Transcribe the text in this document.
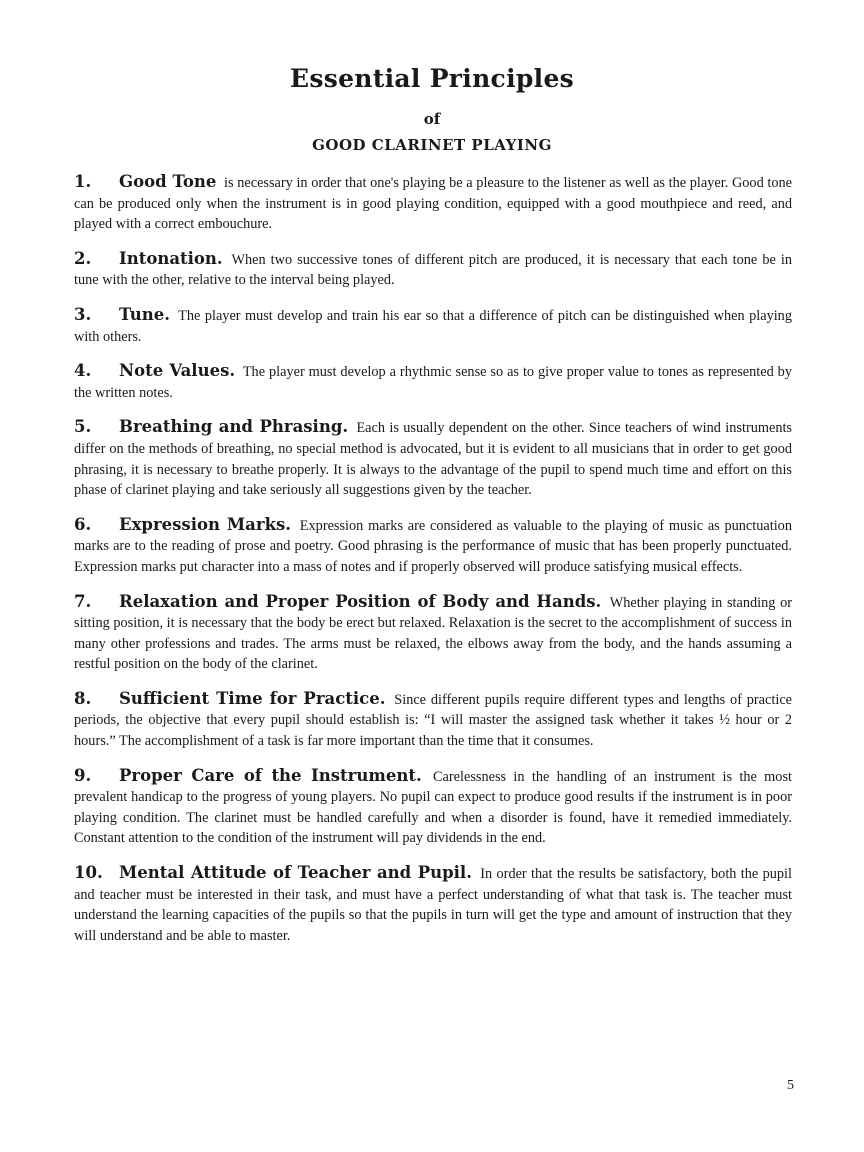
Essential Principles
of
GOOD CLARINET PLAYING

1. Good Tone is necessary in order that one's playing be a pleasure to the listener as well as the player. Good tone can be produced only when the instrument is in good playing condition, equipped with a good mouthpiece and reed, and played with a correct embouchure.

2. Intonation. When two successive tones of different pitch are produced, it is necessary that each tone be in tune with the other, relative to the interval being played.

3. Tune. The player must develop and train his ear so that a difference of pitch can be distinguished when playing with others.

4. Note Values. The player must develop a rhythmic sense so as to give proper value to tones as represented by the written notes.

5. Breathing and Phrasing. Each is usually dependent on the other. Since teachers of wind instruments differ on the methods of breathing, no special method is advocated, but it is evident to all musicians that in order to get good phrasing, it is necessary to breathe properly. It is always to the advantage of the pupil to spend much time and effort on this phase of clarinet playing and take seriously all suggestions given by the teacher.

6. Expression Marks. Expression marks are considered as valuable to the playing of music as punctuation marks are to the reading of prose and poetry. Good phrasing is the performance of music that has been properly punctuated. Expression marks put character into a mass of notes and if properly observed will produce satisfying musical effects.

7. Relaxation and Proper Position of Body and Hands. Whether playing in standing or sitting position, it is necessary that the body be erect but relaxed. Relaxation is the secret to the accomplishment of success in many other professions and trades. The arms must be relaxed, the elbows away from the body, and the hands assuming a restful position on the body of the clarinet.

8. Sufficient Time for Practice. Since different pupils require different types and lengths of practice periods, the objective that every pupil should establish is: “I will master the assigned task whether it takes ½ hour or 2 hours.” The accomplishment of a task is far more important than the time that it consumes.

9. Proper Care of the Instrument. Carelessness in the handling of an instrument is the most prevalent handicap to the progress of young players. No pupil can expect to produce good results if the instrument is in poor playing condition. The clarinet must be handled carefully and when a disorder is found, have it remedied immediately. Constant attention to the condition of the instrument will pay dividends in the end.

10. Mental Attitude of Teacher and Pupil. In order that the results be satisfactory, both the pupil and teacher must be interested in their task, and must have a perfect understanding of what that task is. The teacher must understand the learning capacities of the pupils so that the pupils in turn will get the type and amount of instruction that they will understand and be able to master.

5
